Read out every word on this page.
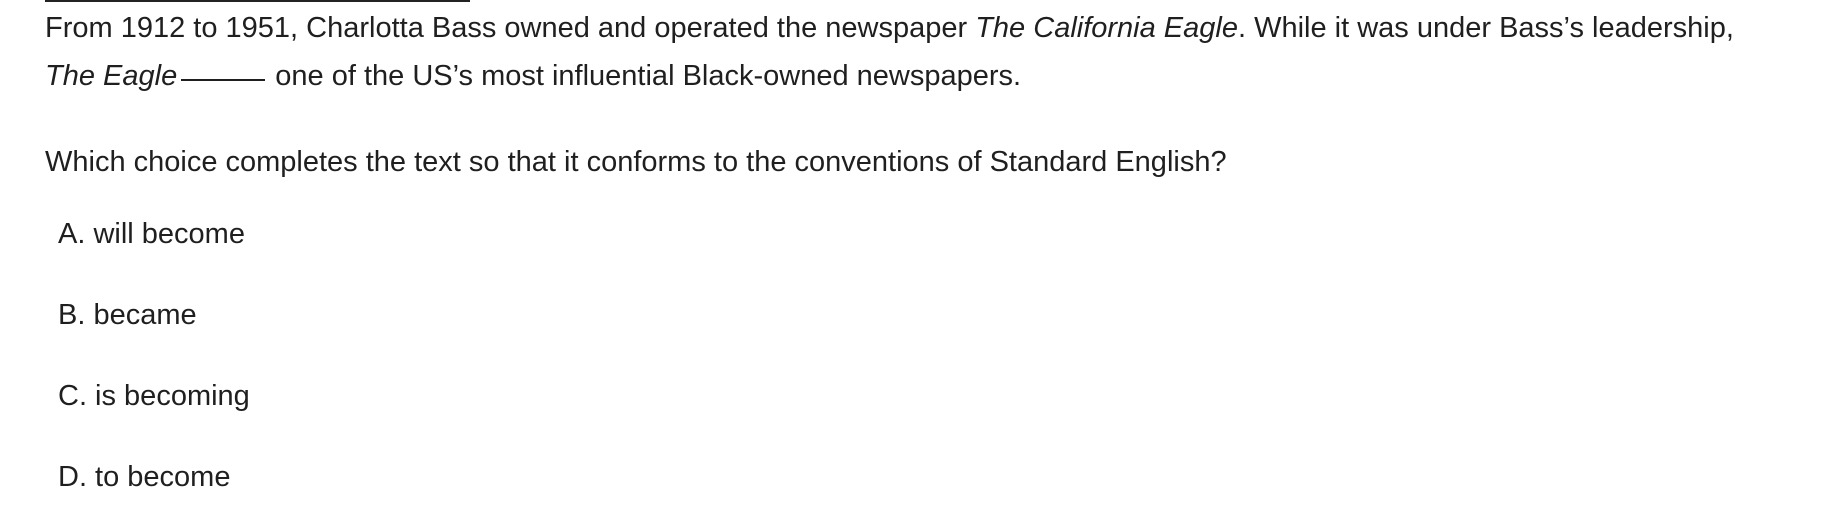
From 1912 to 1951, Charlotta Bass owned and operated the newspaper The California Eagle. While it was under Bass’s leadership, The Eagle	one of the US’s most influential Black-owned newspapers.

Which choice completes the text so that it conforms to the conventions of Standard English?

A. will become
B. became
C. is becoming
D. to become
